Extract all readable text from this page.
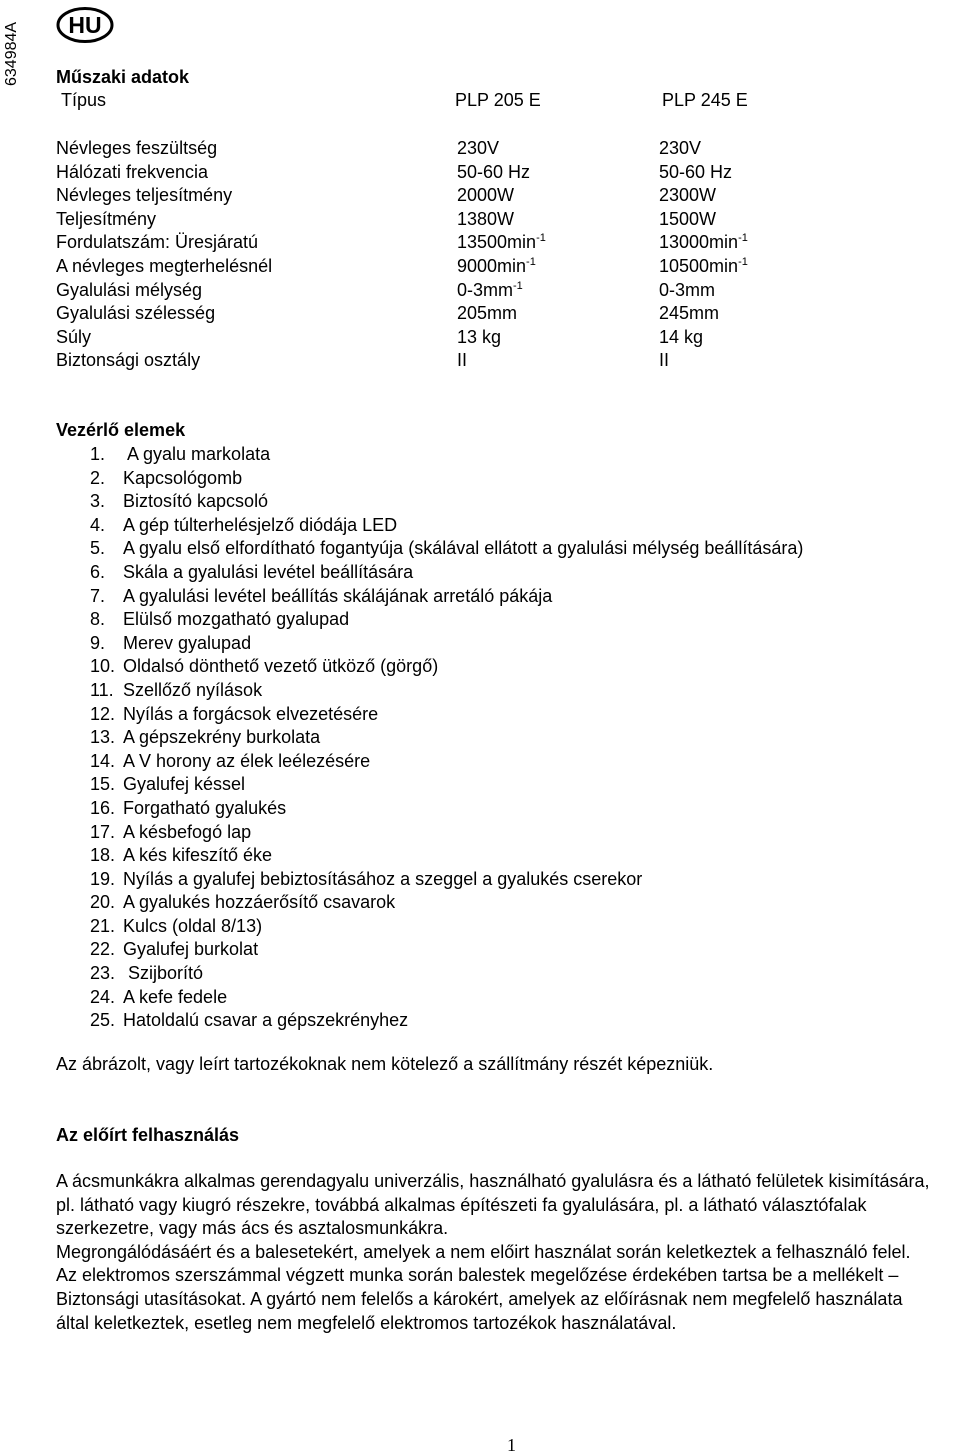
634984A HU
Műszaki adatok
Típus	PLP 205 E	PLP 245 E
Névleges feszültség	230V	230V
Hálózati frekvencia	50-60 Hz	50-60 Hz
Névleges teljesítmény	2000W	2300W
Teljesítmény	1380W	1500W
Fordulatszám: Üresjáratú	$13500\min^{-1}$	$13000\min^{-1}$
A névleges megterhelésnél	$9000\min^{-1}$	$10500\min^{-1}$
Gyalulási mélység	$0-3mm^{-1}$	0-3mm
Gyalulási szélesség	205mm	245mm
Súly	13 kg	14 kg
Biztonsági osztály	II	II
Vezérlő elemek
1. A gyalu markolata
2. Kapcsológomb
3. Biztosító kapcsoló
4. A gép túlterhelésjelző diódája LED
5. A gyalu első elfordítható fogantyúja (skálával ellátott a gyalulási mélység beállítására)
6. Skála a gyalulási levétel beállítására
7. A gyalulási levétel beállítás skálájának arretáló pákája
8. Elülső mozgatható gyalupad
9. Merev gyalupad
10. Oldalsó dönthető vezető ütköző (görgő)
11. Szellőző nyílások
12. Nyílás a forgácsok elvezetésére
13. A gépszekrény burkolata
14. A V horony az élek leélezésére
15. Gyalufej késsel
16. Forgatható gyalukés
17. A késbefogó lap
18. A kés kifeszítő éke
19. Nyílás a gyalufej bebiztosításához a szeggel a gyalukés cserekor
20. A gyalukés hozzáerősítő csavarok
21. Kulcs (oldal 8/13)
22. Gyalufej burkolat
23. Szijborító
24. A kefe fedele
25. Hatoldalú csavar a gépszekrényhez

Az ábrázolt, vagy leírt tartozékoknak nem kötelező a szállítmány részét képezniük.

Az előírt felhasználás
A ácsmunkákra alkalmas gerendagyalu univerzális, használható gyalulásra és a látható felületek kisimítására, pl. látható vagy kiugró részekre, továbbá alkalmas építészeti fa gyalulására, pl. a látható választófalak szerkezetre, vagy más ács és asztalosmunkákra.
Megrongálódásáért és a balesetekért, amelyek a nem előirt használat során keletkeztek a felhasználó felel.
Az elektromos szerszámmal végzett munka során balestek megelőzése érdekében tartsa be a mellékelt – Biztonsági utasításokat. A gyártó nem felelős a károkért, amelyek az előírásnak nem megfelelő használata által keletkeztek, esetleg nem megfelelő elektromos tartozékok használatával.
1
